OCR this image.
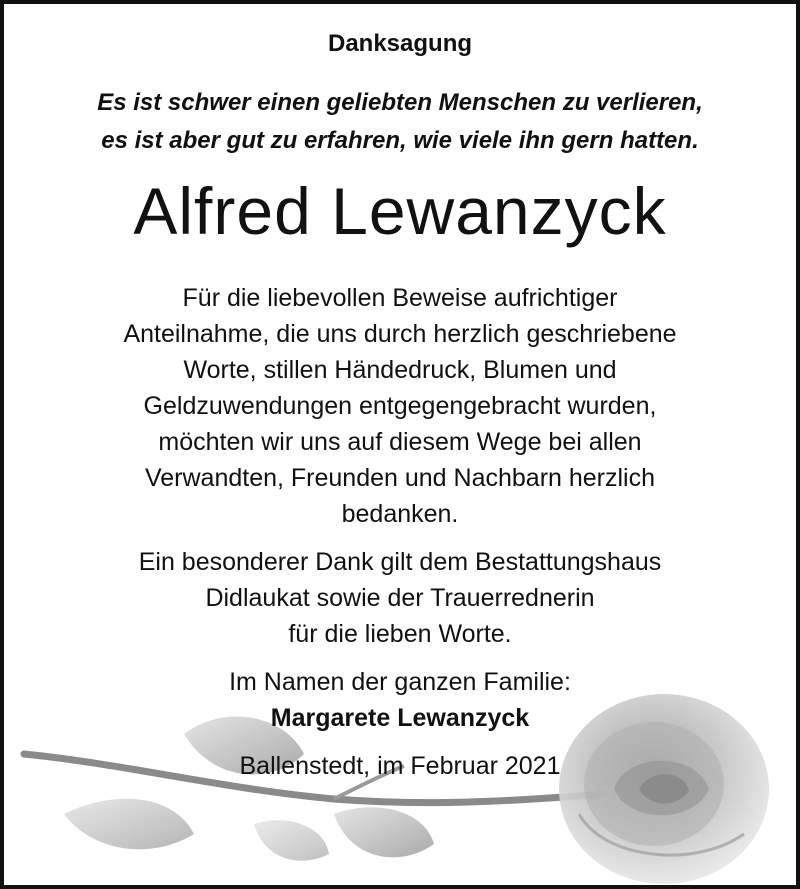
Danksagung
Es ist schwer einen geliebten Menschen zu verlieren,
es ist aber gut zu erfahren, wie viele ihn gern hatten.
Alfred Lewanzyck
Für die liebevollen Beweise aufrichtiger
Anteilnahme, die uns durch herzlich geschriebene
Worte, stillen Händedruck, Blumen und
Geldzuwendungen entgegengebracht wurden,
möchten wir uns auf diesem Wege bei allen
Verwandten, Freunden und Nachbarn herzlich
bedanken.
Ein besonderer Dank gilt dem Bestattungshaus
Didlaukat sowie der Trauerrednerin
für die lieben Worte.
Im Namen der ganzen Familie:
Margarete Lewanzyck
Ballenstedt, im Februar 2021
